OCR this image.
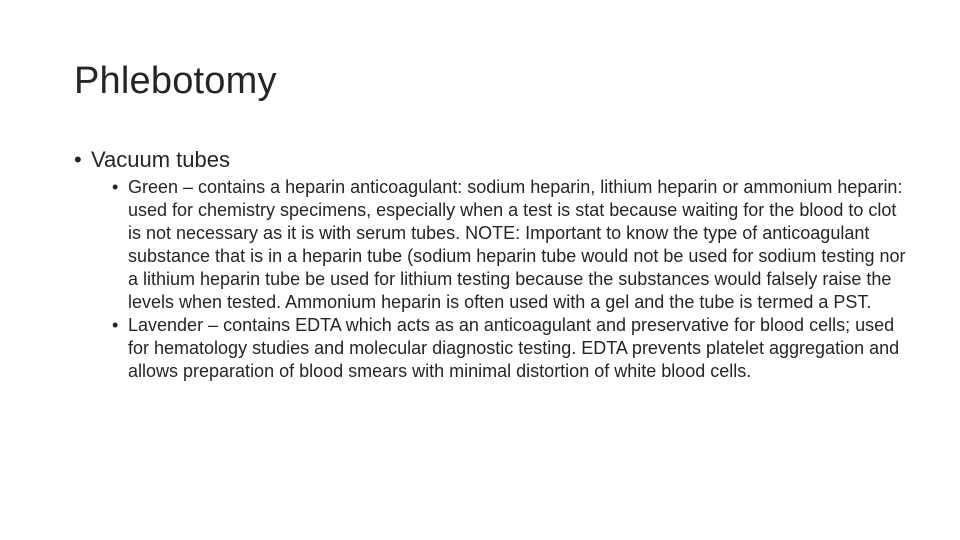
Phlebotomy
• Vacuum tubes
• Green – contains a heparin anticoagulant: sodium heparin, lithium heparin or ammonium heparin: used for chemistry specimens, especially when a test is stat because waiting for the blood to clot is not necessary as it is with serum tubes. NOTE: Important to know the type of anticoagulant substance that is in a heparin tube (sodium heparin tube would not be used for sodium testing nor a lithium heparin tube be used for lithium testing because the substances would falsely raise the levels when tested. Ammonium heparin is often used with a gel and the tube is termed a PST.
• Lavender – contains EDTA which acts as an anticoagulant and preservative for blood cells; used for hematology studies and molecular diagnostic testing. EDTA prevents platelet aggregation and allows preparation of blood smears with minimal distortion of white blood cells.
